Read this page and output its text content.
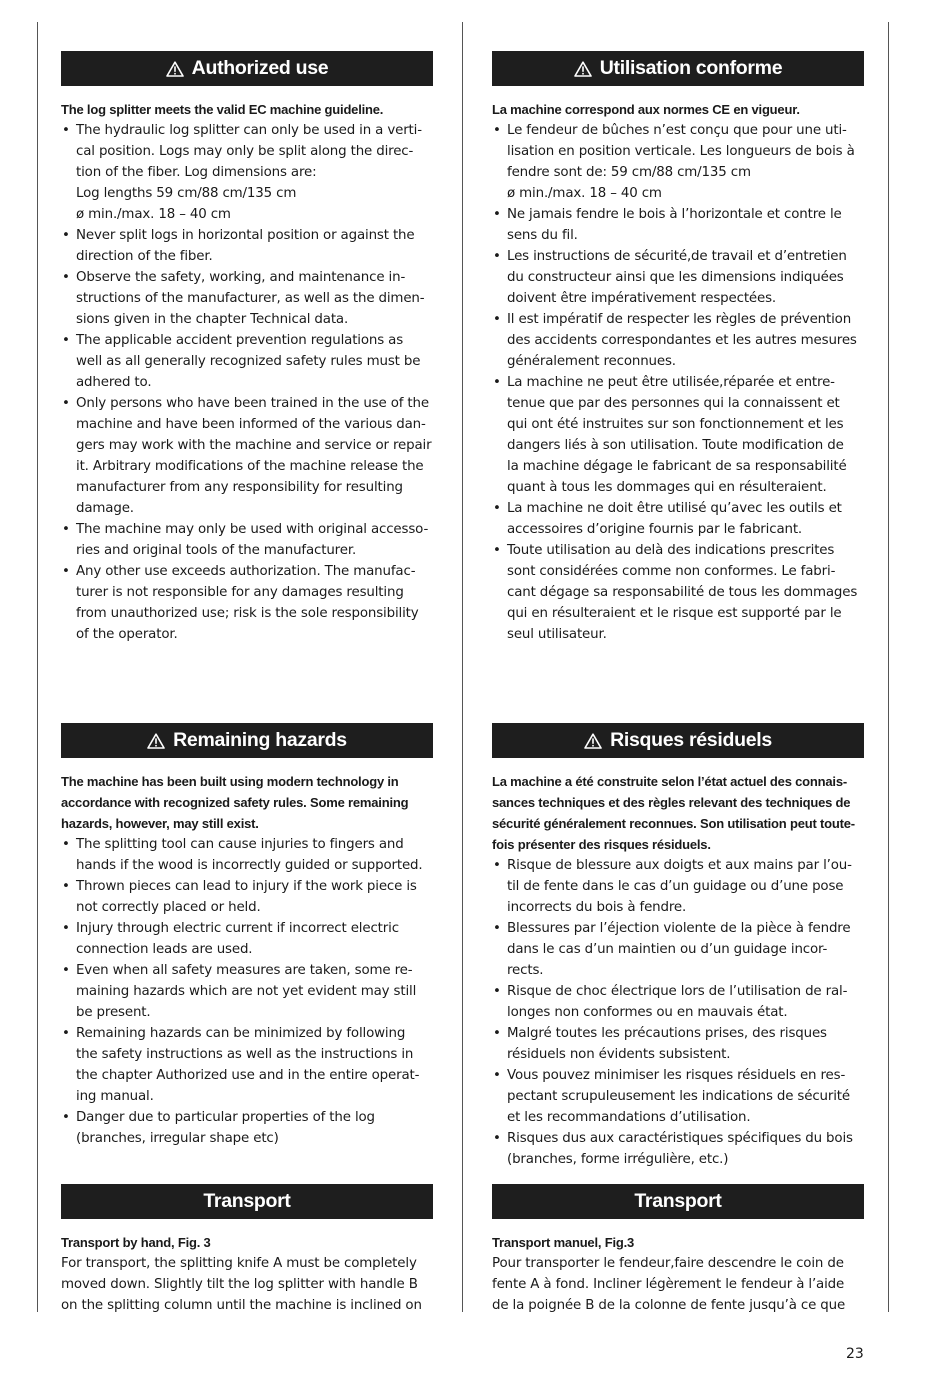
Authorized use
The log splitter meets the valid EC machine guideline.
• The hydraulic log splitter can only be used in a verti-
cal position. Logs may only be split along the direc-
tion of the fiber. Log dimensions are:
Log lengths 59 cm/88 cm/135 cm
ø min./max. 18 – 40 cm
• Never split logs in horizontal position or against the
direction of the fiber.
• Observe the safety, working, and maintenance in-
structions of the manufacturer, as well as the dimen-
sions given in the chapter Technical data.
• The applicable accident prevention regulations as
well as all generally recognized safety rules must be
adhered to.
• Only persons who have been trained in the use of the
machine and have been informed of the various dan-
gers may work with the machine and service or repair
it. Arbitrary modifications of the machine release the
manufacturer from any responsibility for resulting
damage.
• The machine may only be used with original accesso-
ries and original tools of the manufacturer.
• Any other use exceeds authorization. The manufac-
turer is not responsible for any damages resulting
from unauthorized use; risk is the sole responsibility
of the operator.
Remaining hazards
The machine has been built using modern technology in
accordance with recognized safety rules. Some remaining
hazards, however, may still exist.
• The splitting tool can cause injuries to fingers and
hands if the wood is incorrectly guided or supported.
• Thrown pieces can lead to injury if the work piece is
not correctly placed or held.
• Injury through electric current if incorrect electric
connection leads are used.
• Even when all safety measures are taken, some re-
maining hazards which are not yet evident may still
be present.
• Remaining hazards can be minimized by following
the safety instructions as well as the instructions in
the chapter Authorized use and in the entire operat-
ing manual.
• Danger due to particular properties of the log
(branches, irregular shape etc)
Transport
Transport by hand, Fig. 3
For transport, the splitting knife A must be completely
moved down. Slightly tilt the log splitter with handle B
on the splitting column until the machine is inclined on
Utilisation conforme
La machine correspond aux normes CE en vigueur.
• Le fendeur de bûches n’est conçu que pour une uti-
lisation en position verticale. Les longueurs de bois à
fendre sont de: 59 cm/88 cm/135 cm
ø min./max. 18 – 40 cm
• Ne jamais fendre le bois à l’horizontale et contre le
sens du fil.
• Les instructions de sécurité,de travail et d’entretien
du constructeur ainsi que les dimensions indiquées
doivent être impérativement respectées.
• Il est impératif de respecter les règles de prévention
des accidents correspondantes et les autres mesures
généralement reconnues.
• La machine ne peut être utilisée,réparée et entre-
tenue que par des personnes qui la connaissent et
qui ont été instruites sur son fonctionnement et les
dangers liés à son utilisation. Toute modification de
la machine dégage le fabricant de sa responsabilité
quant à tous les dommages qui en résulteraient.
• La machine ne doit être utilisé qu’avec les outils et
accessoires d’origine fournis par le fabricant.
• Toute utilisation au delà des indications prescrites
sont considérées comme non conformes. Le fabri-
cant dégage sa responsabilité de tous les dommages
qui en résulteraient et le risque est supporté par le
seul utilisateur.
Risques résiduels
La machine a été construite selon l’état actuel des connais-
sances techniques et des règles relevant des techniques de
sécurité généralement reconnues. Son utilisation peut toute-
fois présenter des risques résiduels.
• Risque de blessure aux doigts et aux mains par l’ou-
til de fente dans le cas d’un guidage ou d’une pose
incorrects du bois à fendre.
• Blessures par l’éjection violente de la pièce à fendre
dans le cas d’un maintien ou d’un guidage incor-
rects.
• Risque de choc électrique lors de l’utilisation de ral-
longes non conformes ou en mauvais état.
• Malgré toutes les précautions prises, des risques
résiduels non évidents subsistent.
• Vous pouvez minimiser les risques résiduels en res-
pectant scrupuleusement les indications de sécurité
et les recommandations d’utilisation.
• Risques dus aux caractéristiques spécifiques du bois
(branches, forme irrégulière, etc.)
Transport
Transport manuel, Fig.3
Pour transporter le fendeur,faire descendre le coin de
fente A à fond. Incliner légèrement le fendeur à l’aide
de la poignée B de la colonne de fente jusqu’à ce que
23
